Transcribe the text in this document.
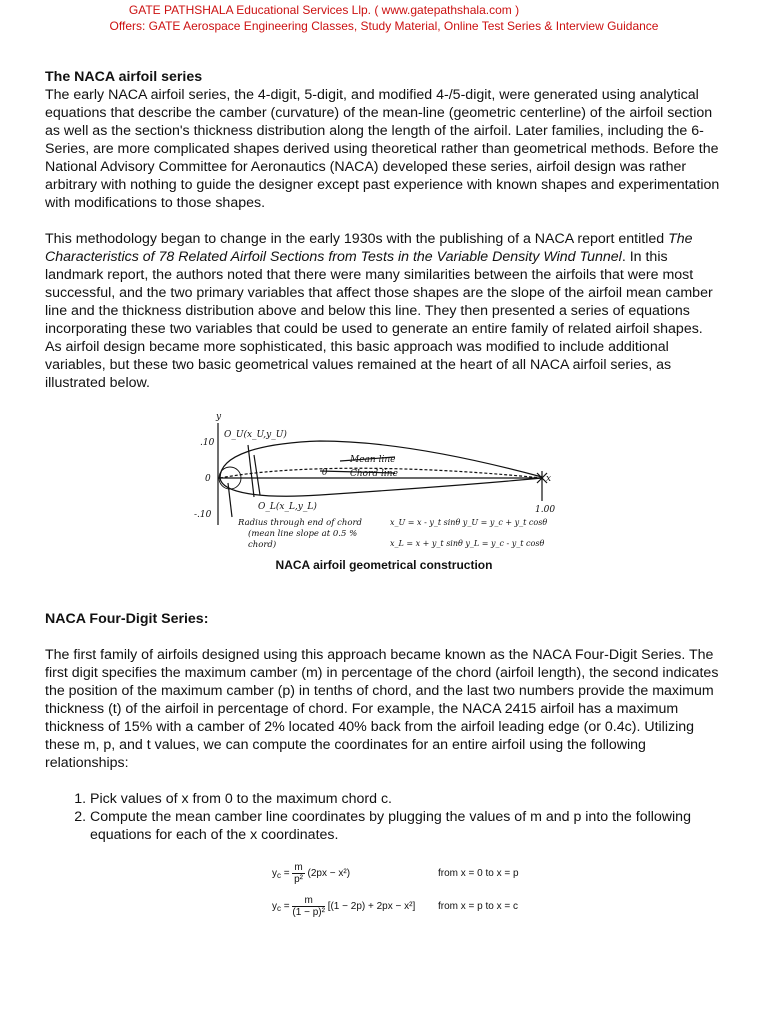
GATE PATHSHALA Educational Services Llp. ( www.gatepathshala.com )
Offers: GATE Aerospace Engineering Classes, Study Material, Online Test Series & Interview Guidance

The NACA airfoil series

The early NACA airfoil series, the 4-digit, 5-digit, and modified 4-/5-digit, were generated using analytical equations that describe the camber (curvature) of the mean-line (geometric centerline) of the airfoil section as well as the section's thickness distribution along the length of the airfoil. Later families, including the 6-Series, are more complicated shapes derived using theoretical rather than geometrical methods. Before the National Advisory Committee for Aeronautics (NACA) developed these series, airfoil design was rather arbitrary with nothing to guide the designer except past experience with known shapes and experimentation with modifications to those shapes.

This methodology began to change in the early 1930s with the publishing of a NACA report entitled The Characteristics of 78 Related Airfoil Sections from Tests in the Variable Density Wind Tunnel. In this landmark report, the authors noted that there were many similarities between the airfoils that were most successful, and the two primary variables that affect those shapes are the slope of the airfoil mean camber line and the thickness distribution above and below this line. They then presented a series of equations incorporating these two variables that could be used to generate an entire family of related airfoil shapes. As airfoil design became more sophisticated, this basic approach was modified to include additional variables, but these two basic geometrical values remained at the heart of all NACA airfoil series, as illustrated below.

y
.10
0
-.10	1.00
x
O_U(x_U,y_U)
O_L(x_L,y_L)
Mean line
Chord line
θ
Radius through end of chord
(mean line slope at 0.5 %
chord)
x_U = x - y_t sinθ y_U = y_c + y_t cosθ
x_L = x + y_t sinθ y_L = y_c - y_t cosθ
NACA airfoil geometrical construction

NACA Four-Digit Series:

The first family of airfoils designed using this approach became known as the NACA Four-Digit Series. The first digit specifies the maximum camber (m) in percentage of the chord (airfoil length), the second indicates the position of the maximum camber (p) in tenths of chord, and the last two numbers provide the maximum thickness (t) of the airfoil in percentage of chord. For example, the NACA 2415 airfoil has a maximum thickness of 15% with a camber of 2% located 40% back from the airfoil leading edge (or 0.4c). Utilizing these m, p, and t values, we can compute the coordinates for an entire airfoil using the following relationships:

1. Pick values of x from 0 to the maximum chord c.
2. Compute the mean camber line coordinates by plugging the values of m and p into the following equations for each of the x coordinates.
$y_c = \frac{m}{\text{p²}} (2px - x^2)$	from x = 0 to x = p
$y_c = \frac{m}{\text{(1 − p)²}} [(1 - 2p) + 2px - x^2]$ from x = p to x = c
